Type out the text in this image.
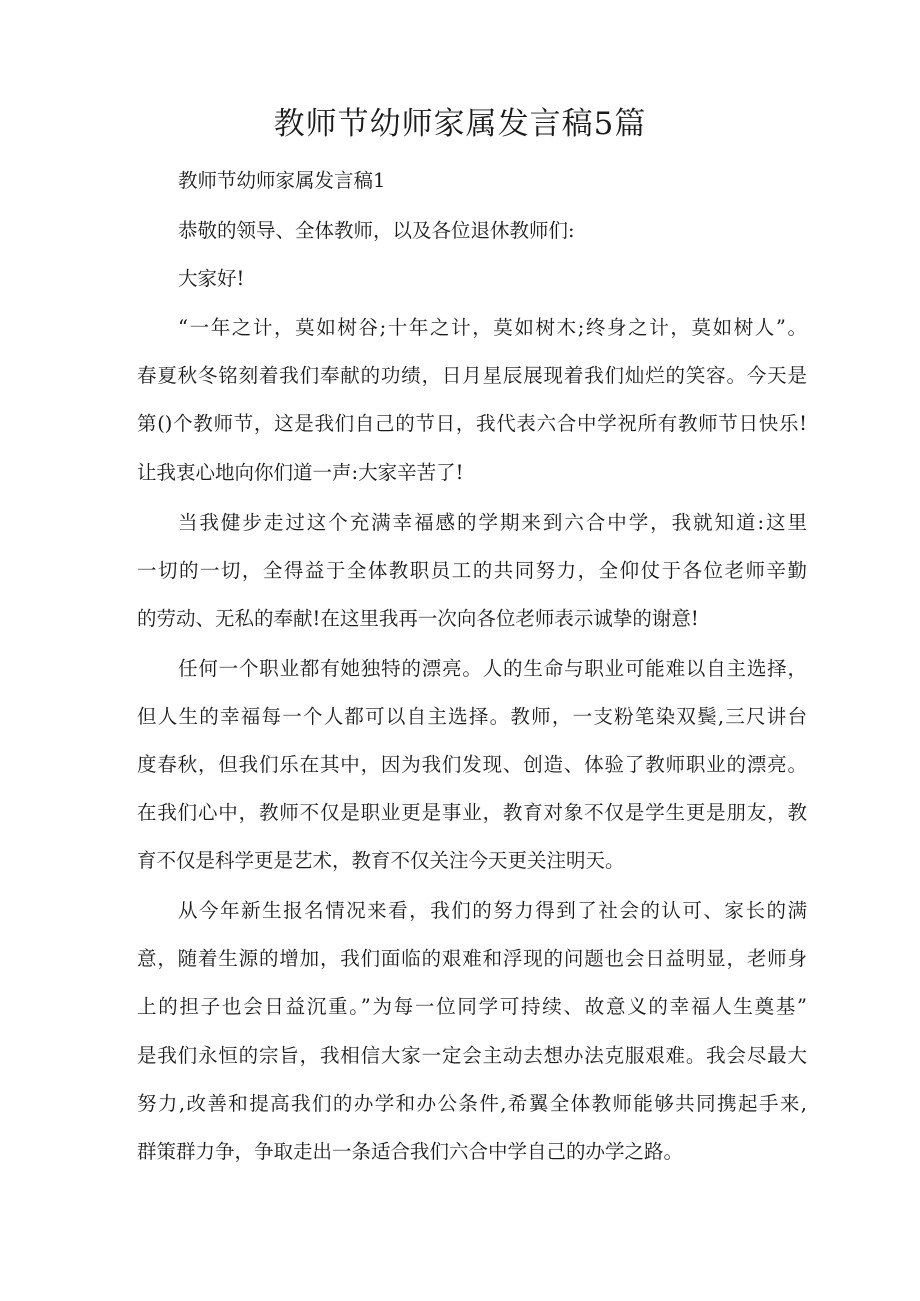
教师节幼师家属发言稿5篇
教师节幼师家属发言稿1
恭敬的领导、全体教师，以及各位退休教师们:
大家好!
“一年之计，莫如树谷;十年之计，莫如树木;终身之计，莫如树人”。
春夏秋冬铭刻着我们奉献的功绩，日月星辰展现着我们灿烂的笑容。今天是
第()个教师节，这是我们自己的节日，我代表六合中学祝所有教师节日快乐!
让我衷心地向你们道一声:大家辛苦了!
当我健步走过这个充满幸福感的学期来到六合中学，我就知道:这里
一切的一切，全得益于全体教职员工的共同努力，全仰仗于各位老师辛勤
的劳动、无私的奉献!在这里我再一次向各位老师表示诚挚的谢意!
任何一个职业都有她独特的漂亮。人的生命与职业可能难以自主选择，
但人生的幸福每一个人都可以自主选择。教师，一支粉笔染双鬓,三尺讲台
度春秋，但我们乐在其中，因为我们发现、创造、体验了教师职业的漂亮。
在我们心中，教师不仅是职业更是事业，教育对象不仅是学生更是朋友，教
育不仅是科学更是艺术，教育不仅关注今天更关注明天。
从今年新生报名情况来看，我们的努力得到了社会的认可、家长的满
意，随着生源的增加，我们面临的艰难和浮现的问题也会日益明显，老师身
上的担子也会日益沉重。”为每一位同学可持续、故意义的幸福人生奠基”
是我们永恒的宗旨，我相信大家一定会主动去想办法克服艰难。我会尽最大
努力,改善和提高我们的办学和办公条件,希翼全体教师能够共同携起手来,
群策群力争，争取走出一条适合我们六合中学自己的办学之路。
